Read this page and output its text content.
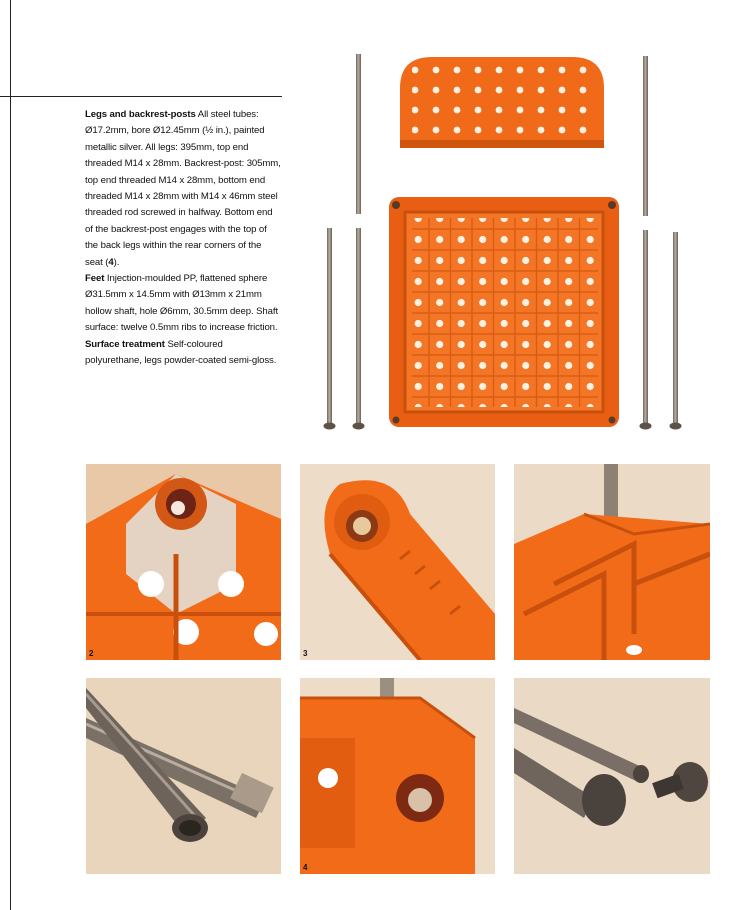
Legs and backrest-posts All steel tubes: Ø17.2mm, bore Ø12.45mm (½ in.), painted metallic silver. All legs: 395mm, top end threaded M14 x 28mm. Backrest-post: 305mm, top end threaded M14 x 28mm, bottom end threaded M14 x 28mm with M14 x 46mm steel threaded rod screwed in halfway. Bottom end of the backrest-post engages with the top of the back legs within the rear corners of the seat (4).

Feet Injection-moulded PP, flattened sphere Ø31.5mm x 14.5mm with Ø13mm x 21mm hollow shaft, hole Ø6mm, 30.5mm deep. Shaft surface: twelve 0.5mm ribs to increase friction.

Surface treatment Self-coloured polyurethane, legs powder-coated semi-gloss.

2	3
4
